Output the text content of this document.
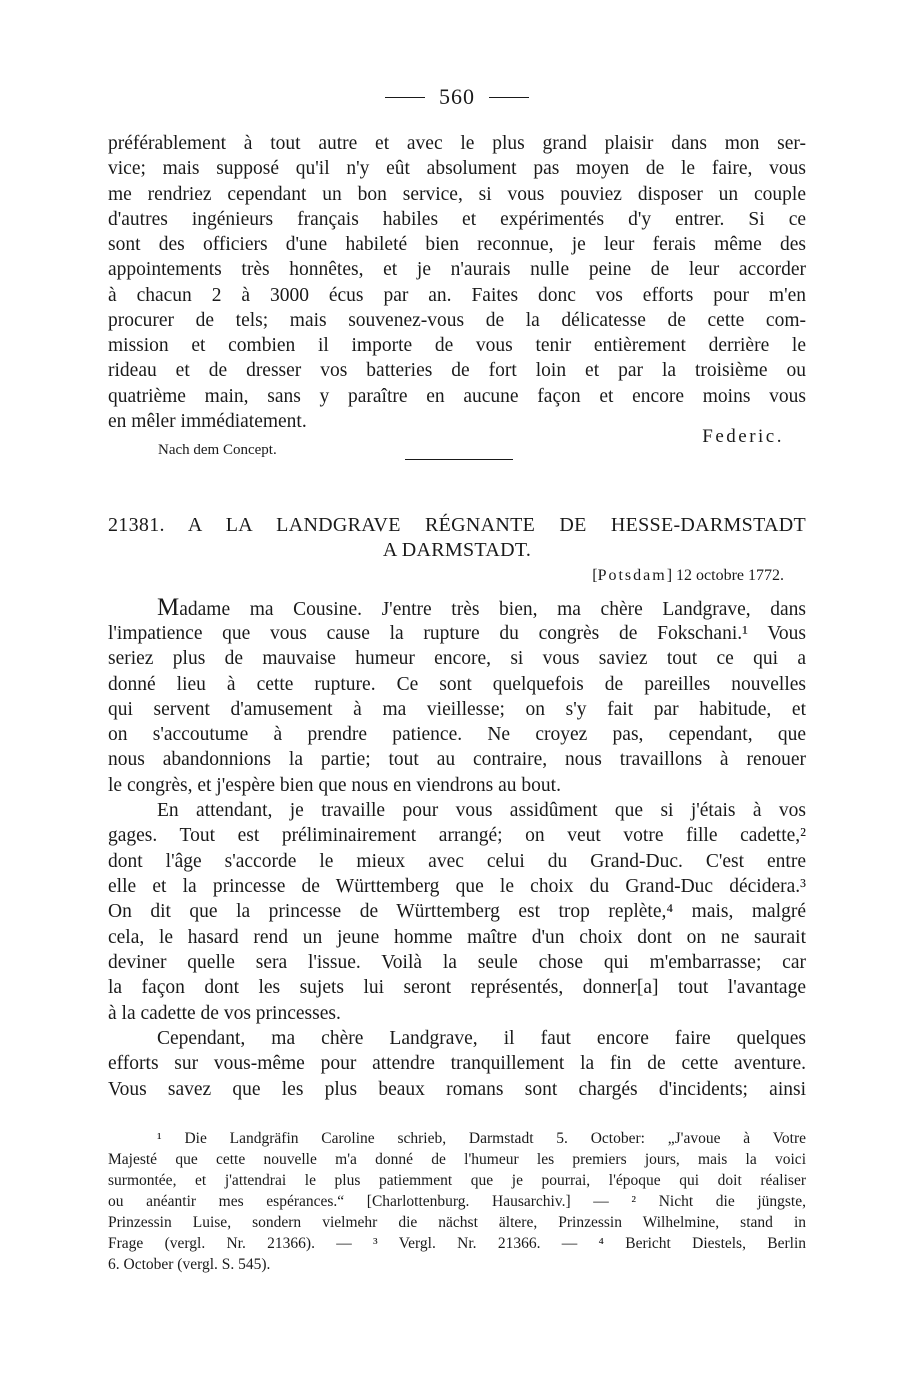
560
préférablement à tout autre et avec le plus grand plaisir dans mon ser-
vice; mais supposé qu'il n'y eût absolument pas moyen de le faire, vous
me rendriez cependant un bon service, si vous pouviez disposer un couple
d'autres ingénieurs français habiles et expérimentés d'y entrer. Si ce
sont des officiers d'une habileté bien reconnue, je leur ferais même des
appointements très honnêtes, et je n'aurais nulle peine de leur accorder
à chacun 2 à 3000 écus par an. Faites donc vos efforts pour m'en
procurer de tels; mais souvenez-vous de la délicatesse de cette com-
mission et combien il importe de vous tenir entièrement derrière le
rideau et de dresser vos batteries de fort loin et par la troisième ou
quatrième main, sans y paraître en aucune façon et encore moins vous
en mêler immédiatement.
Federic.
Nach dem Concept.
21381. A LA LANDGRAVE RÉGNANTE DE HESSE-DARMSTADT
A DARMSTADT.
[Potsdam] 12 octobre 1772.
Madame ma Cousine. J'entre très bien, ma chère Landgrave, dans
l'impatience que vous cause la rupture du congrès de Fokschani.¹ Vous
seriez plus de mauvaise humeur encore, si vous saviez tout ce qui a
donné lieu à cette rupture. Ce sont quelquefois de pareilles nouvelles
qui servent d'amusement à ma vieillesse; on s'y fait par habitude, et
on s'accoutume à prendre patience. Ne croyez pas, cependant, que
nous abandonnions la partie; tout au contraire, nous travaillons à renouer
le congrès, et j'espère bien que nous en viendrons au bout.
En attendant, je travaille pour vous assidûment que si j'étais à vos
gages. Tout est préliminairement arrangé; on veut votre fille cadette,²
dont l'âge s'accorde le mieux avec celui du Grand-Duc. C'est entre
elle et la princesse de Württemberg que le choix du Grand-Duc décidera.³
On dit que la princesse de Württemberg est trop replète,⁴ mais, malgré
cela, le hasard rend un jeune homme maître d'un choix dont on ne saurait
deviner quelle sera l'issue. Voilà la seule chose qui m'embarrasse; car
la façon dont les sujets lui seront représentés, donner[a] tout l'avantage
à la cadette de vos princesses.
Cependant, ma chère Landgrave, il faut encore faire quelques
efforts sur vous-même pour attendre tranquillement la fin de cette aventure.
Vous savez que les plus beaux romans sont chargés d'incidents; ainsi
¹ Die Landgräfin Caroline schrieb, Darmstadt 5. October: „J'avoue à Votre
Majesté que cette nouvelle m'a donné de l'humeur les premiers jours, mais la voici
surmontée, et j'attendrai le plus patiemment que je pourrai, l'époque qui doit réaliser
ou anéantir mes espérances.“ [Charlottenburg. Hausarchiv.] — ² Nicht die jüngste,
Prinzessin Luise, sondern vielmehr die nächst ältere, Prinzessin Wilhelmine, stand in
Frage (vergl. Nr. 21366). — ³ Vergl. Nr. 21366. — ⁴ Bericht Diestels, Berlin
6. October (vergl. S. 545).
